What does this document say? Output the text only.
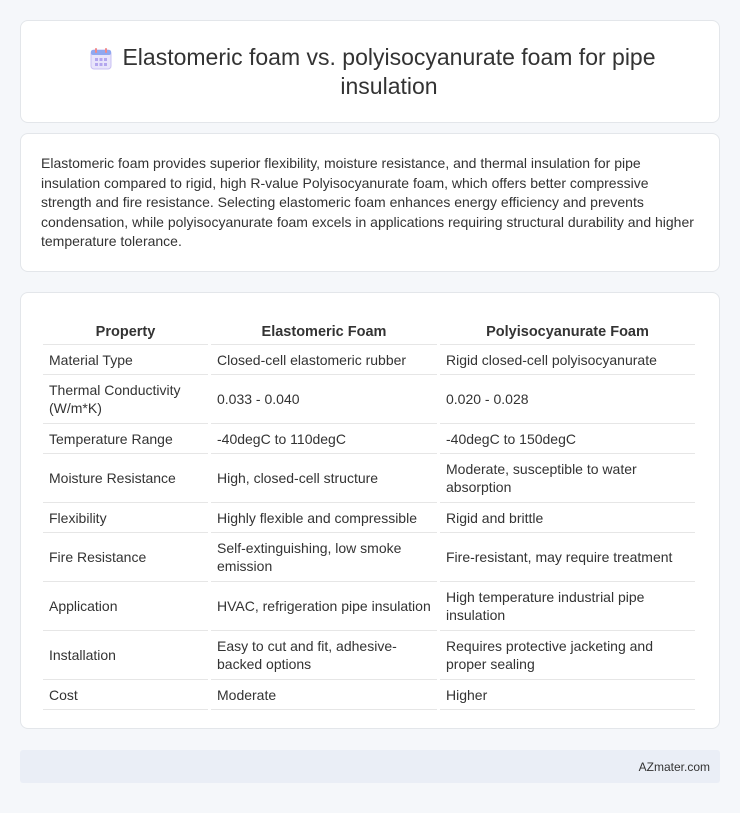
Elastomeric foam vs. polyisocyanurate foam for pipe insulation

Elastomeric foam provides superior flexibility, moisture resistance, and thermal insulation for pipe insulation compared to rigid, high R-value Polyisocyanurate foam, which offers better compressive strength and fire resistance. Selecting elastomeric foam enhances energy efficiency and prevents condensation, while polyisocyanurate foam excels in applications requiring structural durability and higher temperature tolerance.

Property	Elastomeric Foam	Polyisocyanurate Foam
Material Type	Closed-cell elastomeric rubber	Rigid closed-cell polyisocyanurate
Thermal Conductivity (W/m*K)	0.033 - 0.040	0.020 - 0.028
Temperature Range	-40degC to 110degC	-40degC to 150degC
Moisture Resistance	High, closed-cell structure	Moderate, susceptible to water absorption
Flexibility	Highly flexible and compressible	Rigid and brittle
Fire Resistance	Self-extinguishing, low smoke emission	Fire-resistant, may require treatment
Application	HVAC, refrigeration pipe insulation	High temperature industrial pipe insulation
Installation	Easy to cut and fit, adhesive-backed options	Requires protective jacketing and proper sealing
Cost	Moderate	Higher
AZmater.com
